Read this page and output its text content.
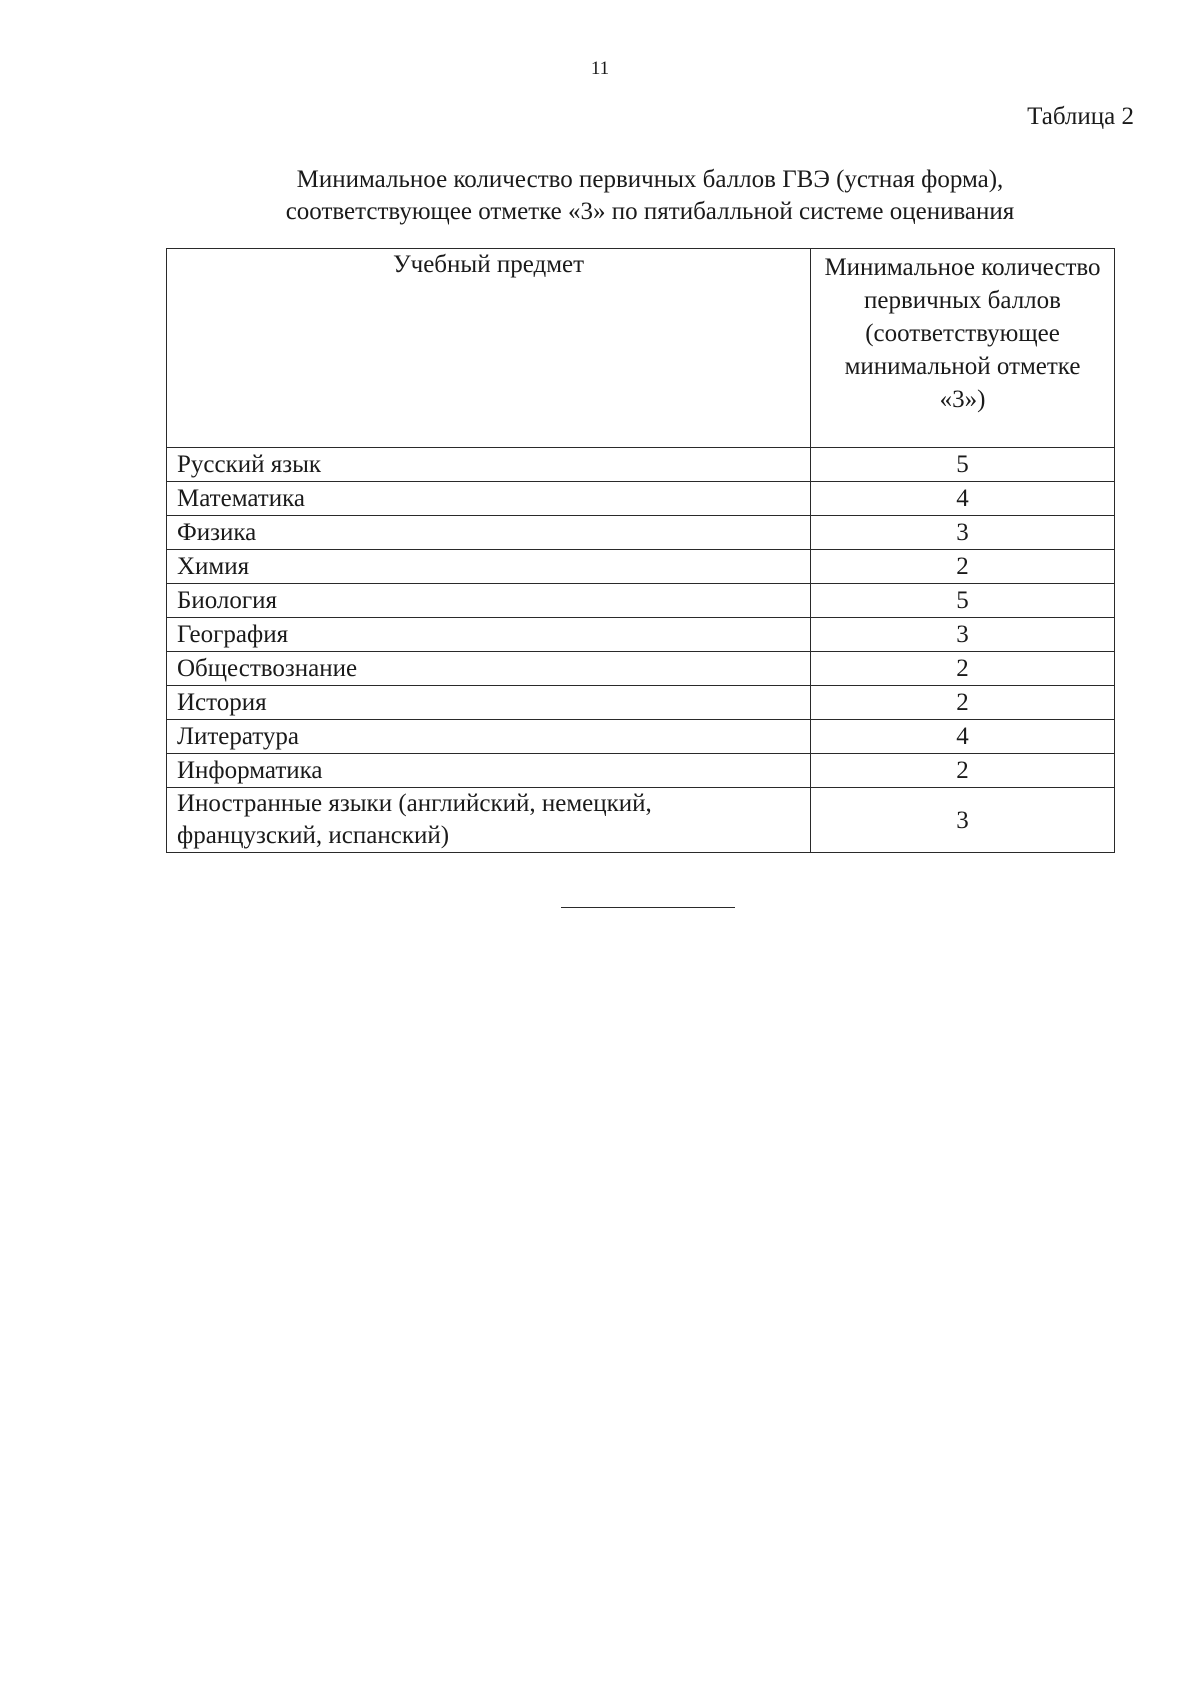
11
Таблица 2
Минимальное количество первичных баллов ГВЭ (устная форма),
соответствующее отметке «3» по пятибалльной системе оценивания
Учебный предмет	Минимальное количество первичных баллов (соответствующее минимальной отметке «3»)
Русский язык	5
Математика	4
Физика	3
Химия	2
Биология	5
География	3
Обществознание	2
История	2
Литература	4
Информатика	2
Иностранные языки (английский, немецкий, французский, испанский)	3
